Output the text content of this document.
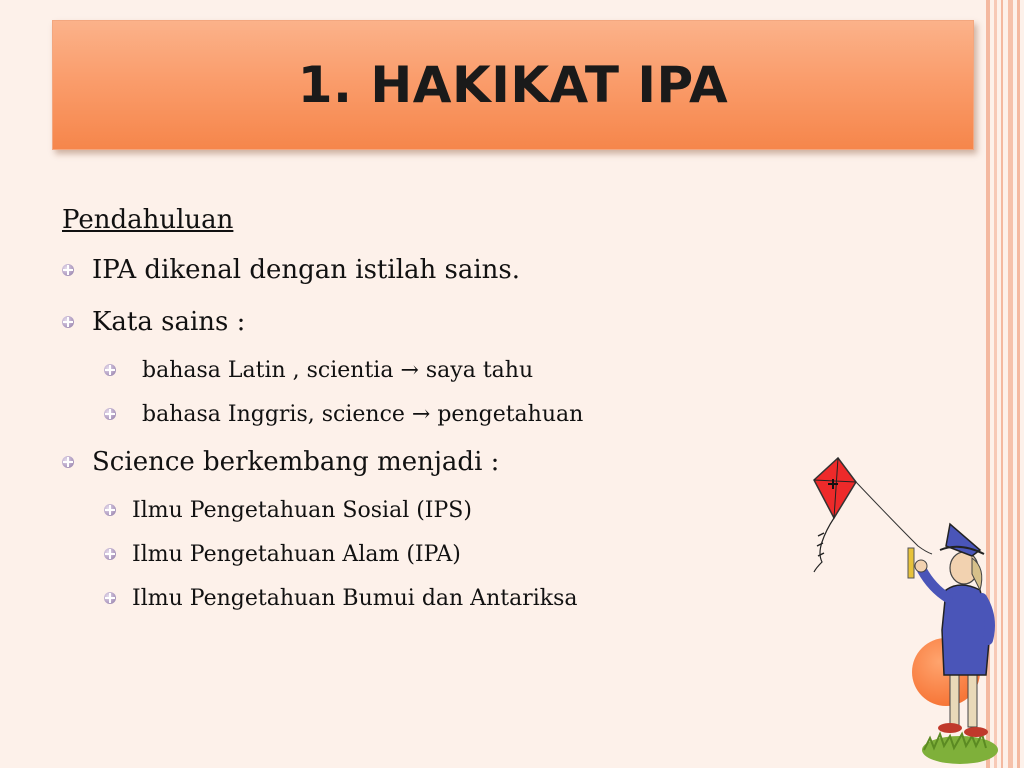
1. HAKIKAT IPA
Pendahuluan
IPA dikenal dengan istilah sains.
Kata sains :
bahasa Latin , scientia → saya tahu
bahasa Inggris, science → pengetahuan
Science berkembang menjadi :
Ilmu Pengetahuan Sosial (IPS)
Ilmu Pengetahuan Alam (IPA)
Ilmu Pengetahuan Bumui dan Antariksa
